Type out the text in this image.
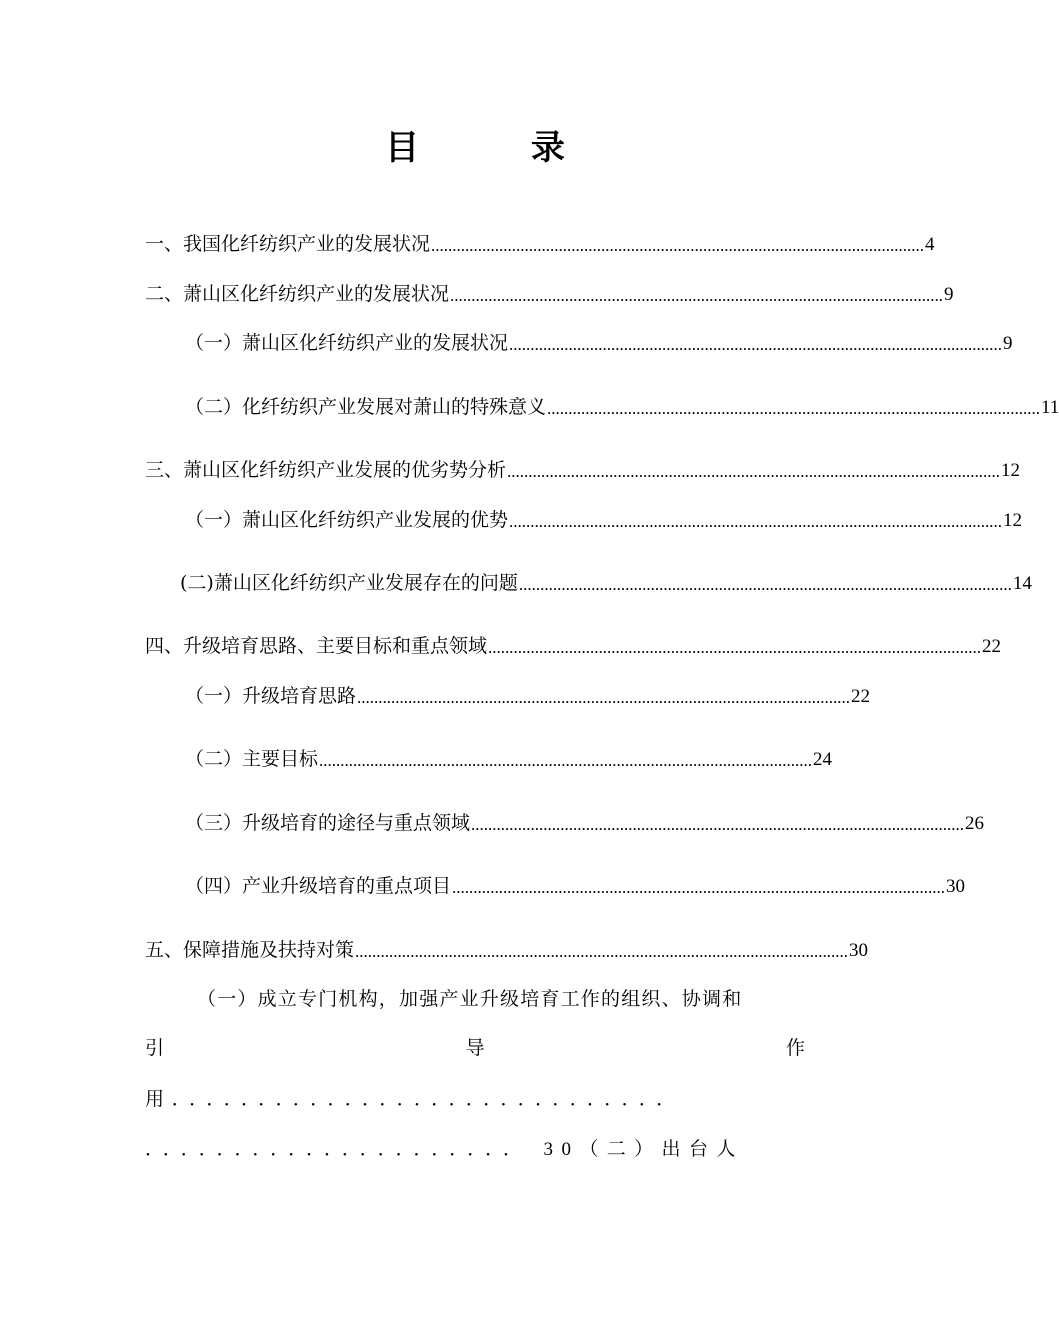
目 录
一、我国化纤纺织产业的发展状况 .................................................................................................................... 4
二、萧山区化纤纺织产业的发展状况 .................................................................................................................... 9
（一）萧山区化纤纺织产业的发展状况 .................................................................................................................... 9
（二）化纤纺织产业发展对萧山的特殊意义 .................................................................................................................... 11
三、萧山区化纤纺织产业发展的优劣势分析 .................................................................................................................... 12
（一）萧山区化纤纺织产业发展的优势 .................................................................................................................... 12
(二)萧山区化纤纺织产业发展存在的问题 .................................................................................................................... 14
四、升级培育思路、主要目标和重点领域 .................................................................................................................... 22
（一）升级培育思路 .................................................................................................................... 22
（二）主要目标 .................................................................................................................... 24
（三）升级培育的途径与重点领域 .................................................................................................................... 26
（四）产业升级培育的重点项目 .................................................................................................................... 30
五、保障措施及扶持对策 .................................................................................................................... 30
（一）成立专门机构，加强产业升级培育工作的组织、协调和
引	导	作
用．．．．．．．．．．．．．．．．．．．．．．．．．．．．．
．．．．．．．．．．．．．．．．．．．．． 30（二）出台人
